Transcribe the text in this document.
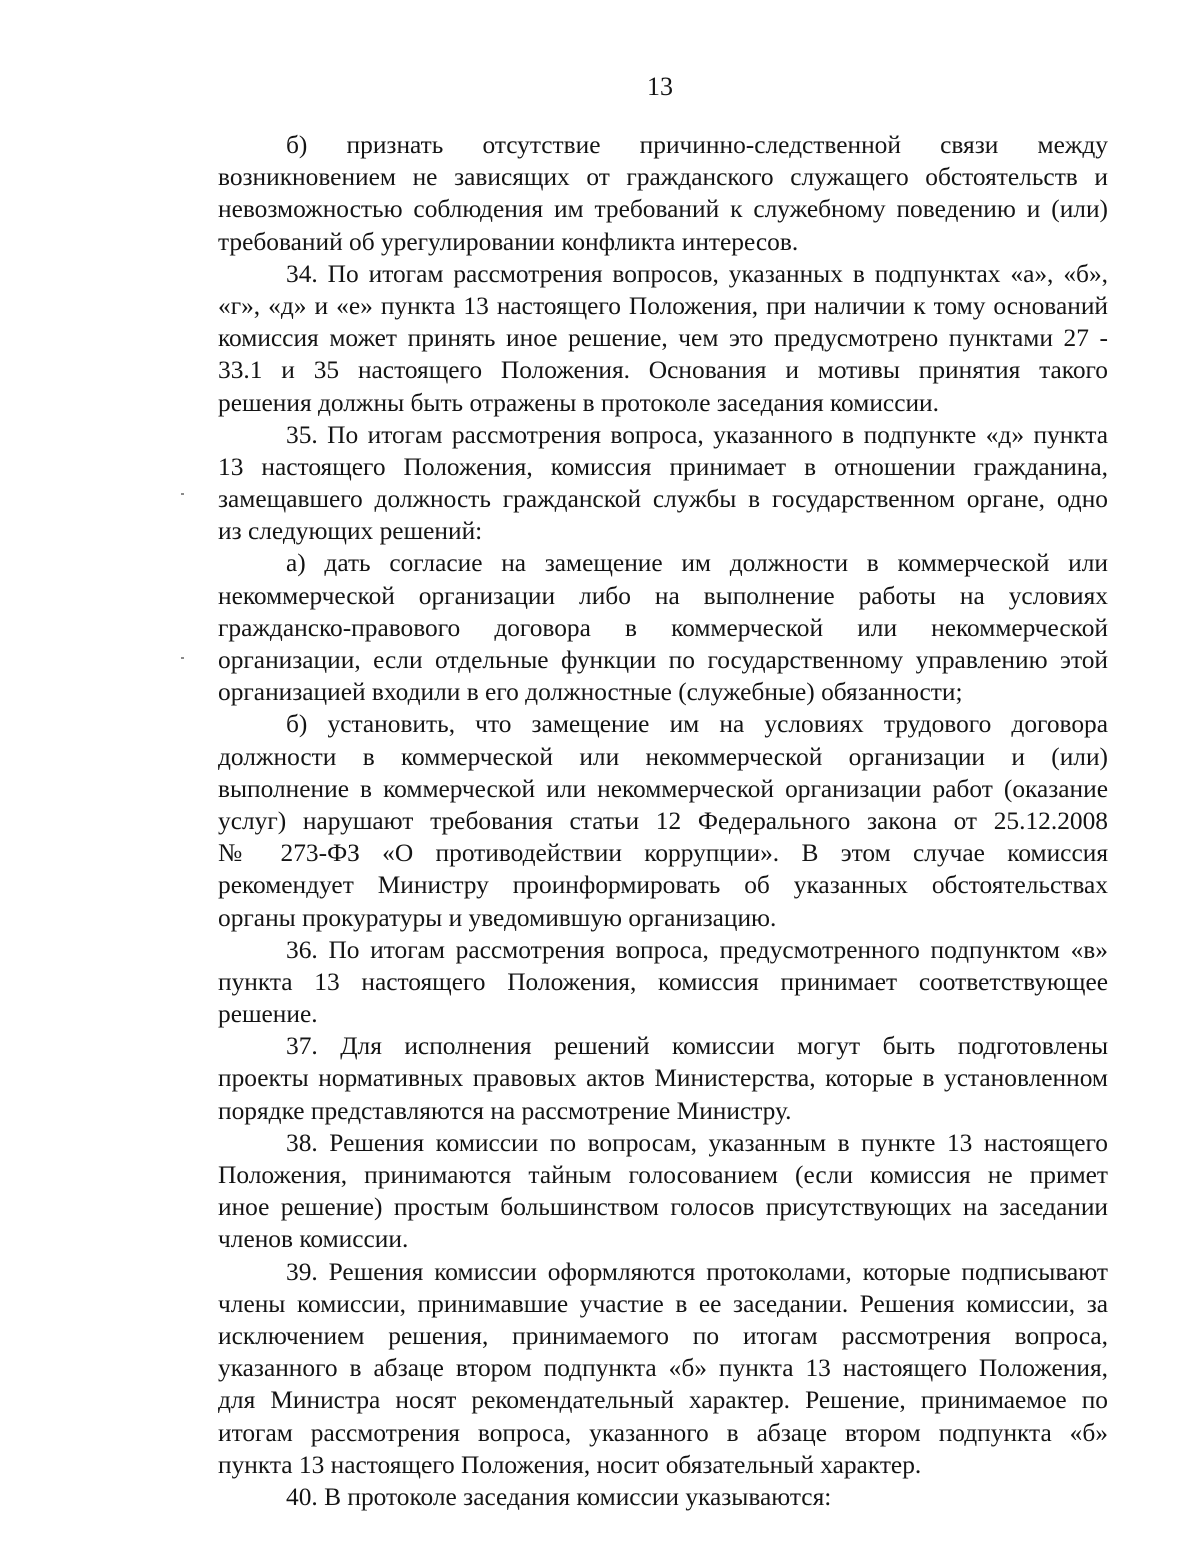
13
б) признать отсутствие причинно-следственной связи между
возникновением не зависящих от гражданского служащего обстоятельств и
невозможностью соблюдения им требований к служебному поведению и (или)
требований об урегулировании конфликта интересов.
34. По итогам рассмотрения вопросов, указанных в подпунктах «а», «б»,
«г», «д» и «е» пункта 13 настоящего Положения, при наличии к тому оснований
комиссия может принять иное решение, чем это предусмотрено пунктами 27 -
33.1 и 35 настоящего Положения. Основания и мотивы принятия такого
решения должны быть отражены в протоколе заседания комиссии.
35. По итогам рассмотрения вопроса, указанного в подпункте «д» пункта
13 настоящего Положения, комиссия принимает в отношении гражданина,
замещавшего должность гражданской службы в государственном органе, одно
из следующих решений:
а) дать согласие на замещение им должности в коммерческой или
некоммерческой организации либо на выполнение работы на условиях
гражданско-правового договора в коммерческой или некоммерческой
организации, если отдельные функции по государственному управлению этой
организацией входили в его должностные (служебные) обязанности;
б) установить, что замещение им на условиях трудового договора
должности в коммерческой или некоммерческой организации и (или)
выполнение в коммерческой или некоммерческой организации работ (оказание
услуг) нарушают требования статьи 12 Федерального закона от 25.12.2008
№ 273-ФЗ «О противодействии коррупции». В этом случае комиссия
рекомендует Министру проинформировать об указанных обстоятельствах
органы прокуратуры и уведомившую организацию.
36. По итогам рассмотрения вопроса, предусмотренного подпунктом «в»
пункта 13 настоящего Положения, комиссия принимает соответствующее
решение.
37. Для исполнения решений комиссии могут быть подготовлены
проекты нормативных правовых актов Министерства, которые в установленном
порядке представляются на рассмотрение Министру.
38. Решения комиссии по вопросам, указанным в пункте 13 настоящего
Положения, принимаются тайным голосованием (если комиссия не примет
иное решение) простым большинством голосов присутствующих на заседании
членов комиссии.
39. Решения комиссии оформляются протоколами, которые подписывают
члены комиссии, принимавшие участие в ее заседании. Решения комиссии, за
исключением решения, принимаемого по итогам рассмотрения вопроса,
указанного в абзаце втором подпункта «б» пункта 13 настоящего Положения,
для Министра носят рекомендательный характер. Решение, принимаемое по
итогам рассмотрения вопроса, указанного в абзаце втором подпункта «б»
пункта 13 настоящего Положения, носит обязательный характер.
40. В протоколе заседания комиссии указываются:
